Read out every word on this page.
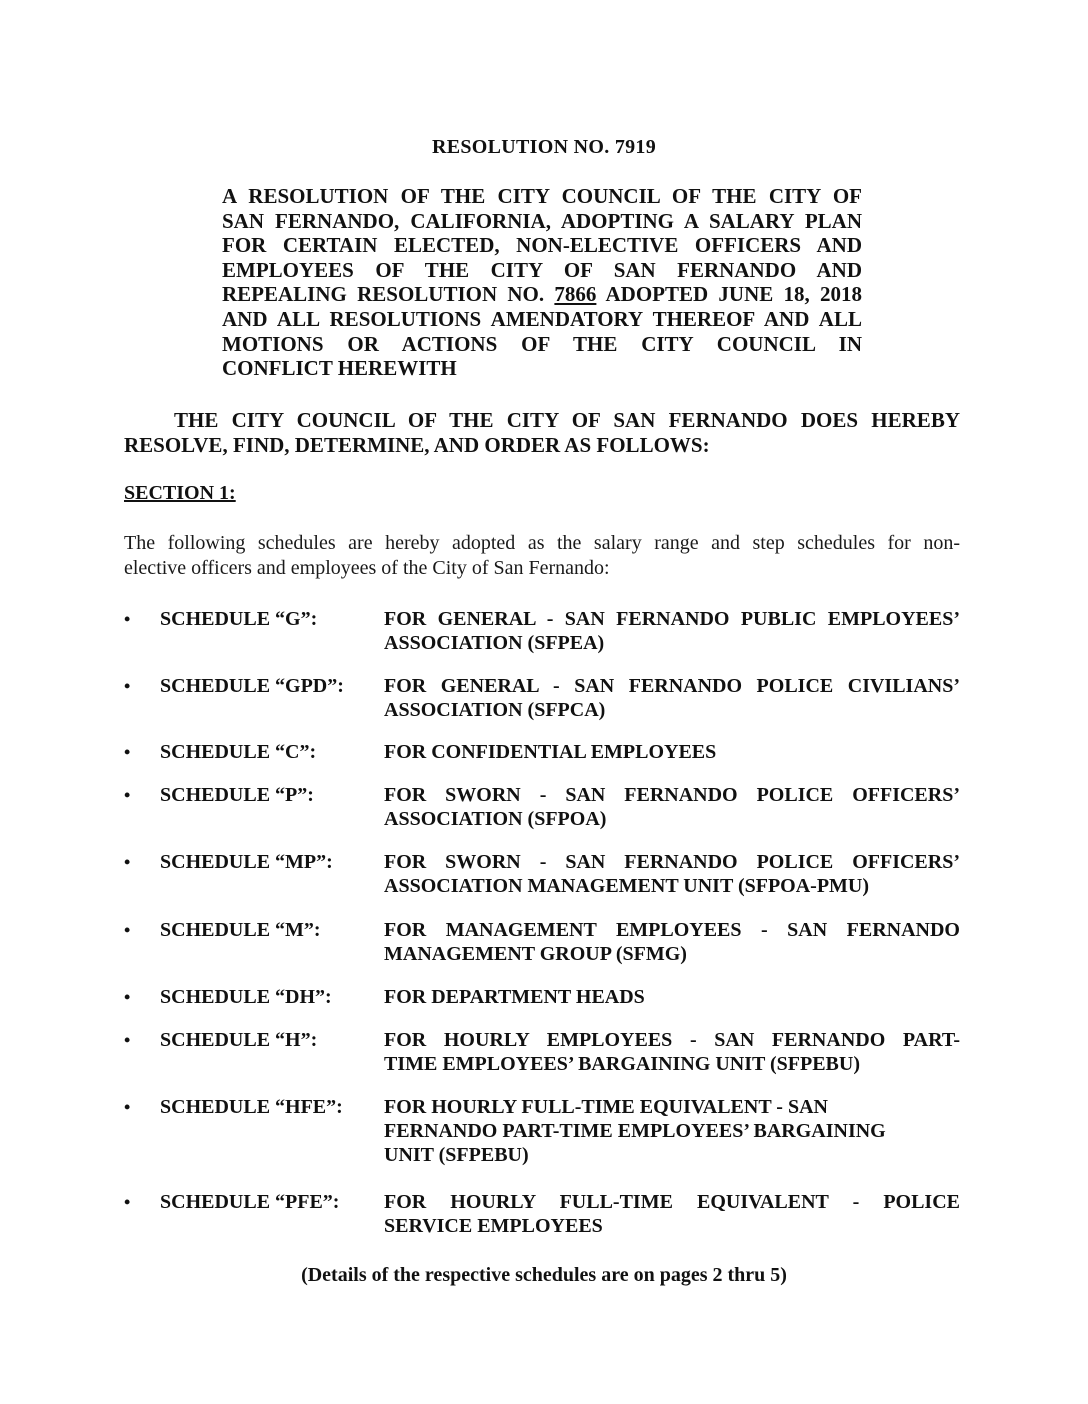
RESOLUTION NO. 7919
A RESOLUTION OF THE CITY COUNCIL OF THE CITY OF
SAN FERNANDO, CALIFORNIA, ADOPTING A SALARY PLAN
FOR CERTAIN ELECTED, NON-ELECTIVE OFFICERS AND
EMPLOYEES OF THE CITY OF SAN FERNANDO AND
REPEALING RESOLUTION NO. 7866 ADOPTED JUNE 18, 2018
AND ALL RESOLUTIONS AMENDATORY THEREOF AND ALL
MOTIONS OR ACTIONS OF THE CITY COUNCIL IN
CONFLICT HEREWITH
THE CITY COUNCIL OF THE CITY OF SAN FERNANDO DOES HEREBY
RESOLVE, FIND, DETERMINE, AND ORDER AS FOLLOWS:
SECTION 1:
The following schedules are hereby adopted as the salary range and step schedules for non-
elective officers and employees of the City of San Fernando:
• SCHEDULE “G”:	FOR GENERAL - SAN FERNANDO PUBLIC EMPLOYEES’
ASSOCIATION (SFPEA)
• SCHEDULE “GPD”: FOR GENERAL - SAN FERNANDO POLICE CIVILIANS’
ASSOCIATION (SFPCA)
• SCHEDULE “C”:	FOR CONFIDENTIAL EMPLOYEES
• SCHEDULE “P”:	FOR SWORN - SAN FERNANDO POLICE OFFICERS’
ASSOCIATION (SFPOA)
• SCHEDULE “MP”:	FOR SWORN - SAN FERNANDO POLICE OFFICERS’
ASSOCIATION MANAGEMENT UNIT (SFPOA-PMU)
• SCHEDULE “M”:	FOR MANAGEMENT EMPLOYEES - SAN FERNANDO
MANAGEMENT GROUP (SFMG)
• SCHEDULE “DH”:	FOR DEPARTMENT HEADS
• SCHEDULE “H”:	FOR HOURLY EMPLOYEES - SAN FERNANDO PART-
TIME EMPLOYEES’ BARGAINING UNIT (SFPEBU)
• SCHEDULE “HFE”: FOR HOURLY FULL-TIME EQUIVALENT - SAN
FERNANDO PART-TIME EMPLOYEES’ BARGAINING
UNIT (SFPEBU)
• SCHEDULE “PFE”: FOR HOURLY FULL-TIME EQUIVALENT - POLICE
SERVICE EMPLOYEES
(Details of the respective schedules are on pages 2 thru 5)
